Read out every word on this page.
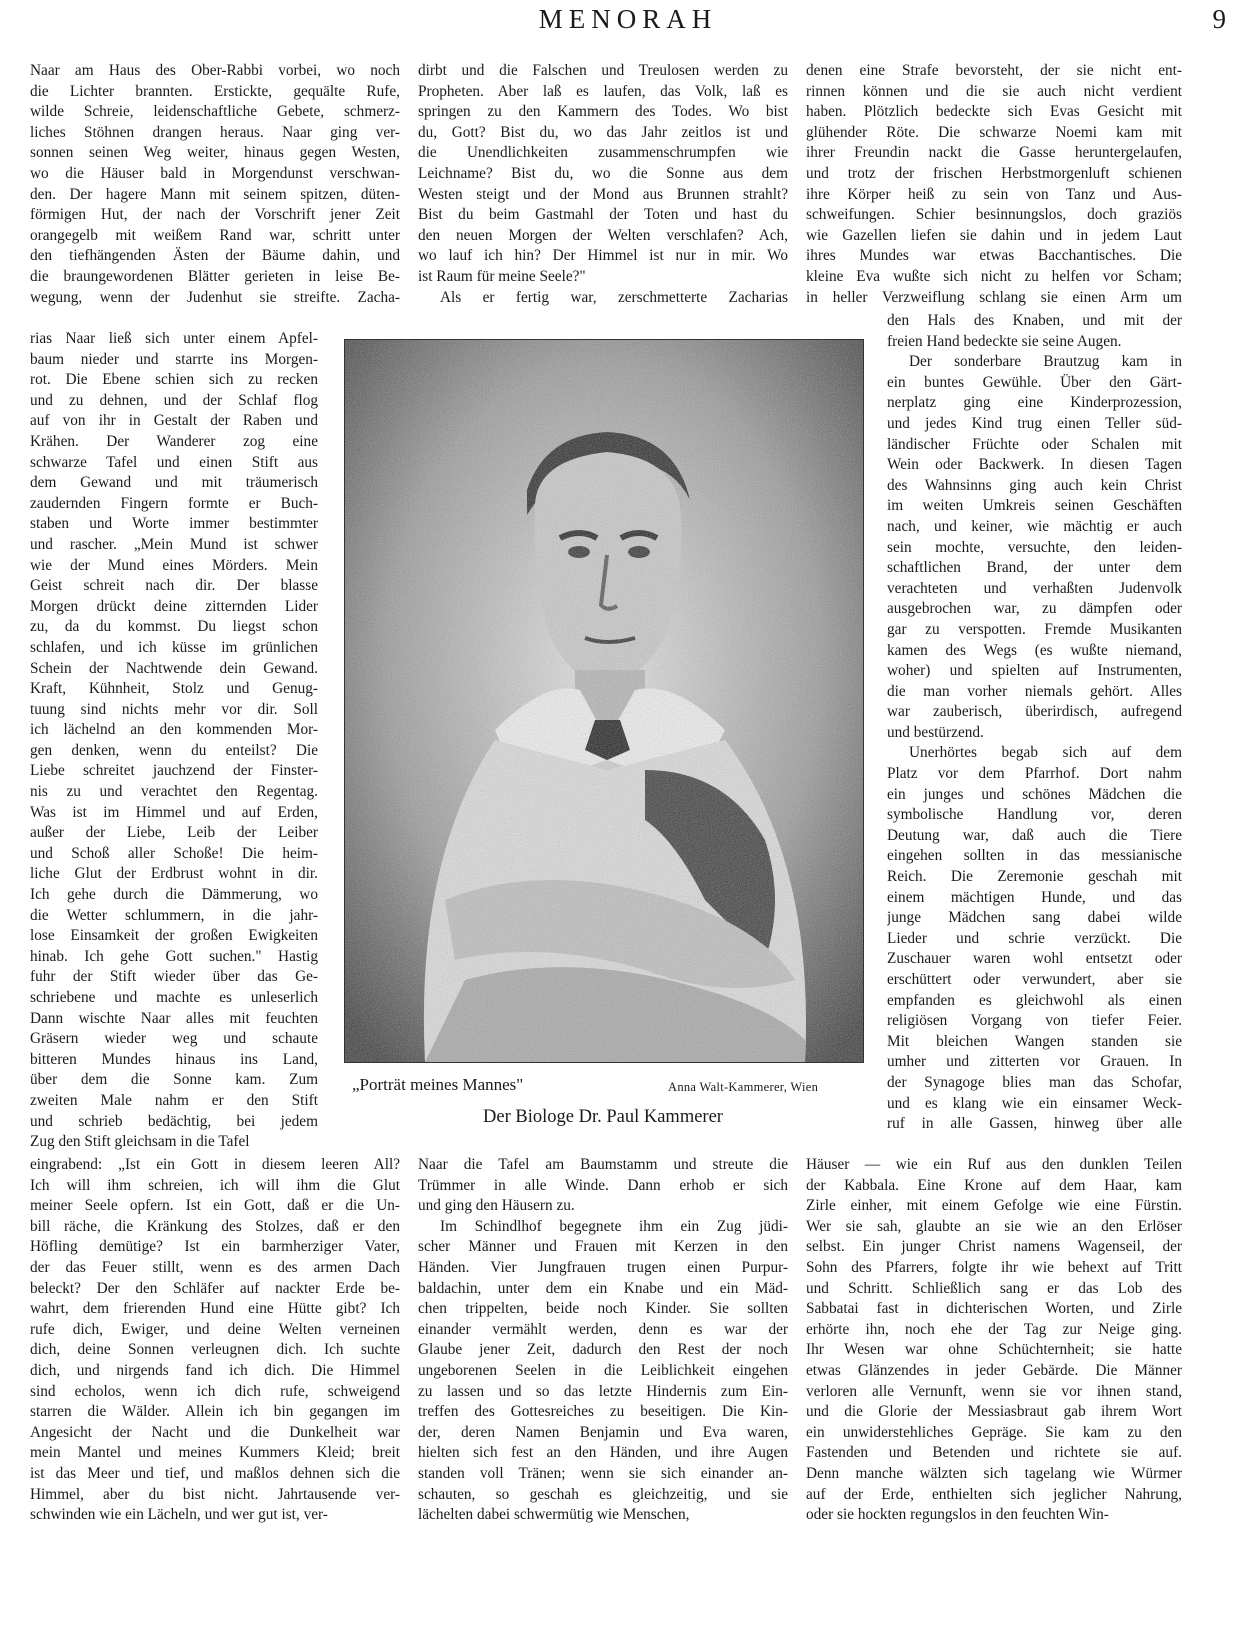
MENORAH	9
Naar am Haus des Ober-Rabbi vorbei, wo noch
die Lichter brannten. Erstickte, gequälte Rufe,
wilde Schreie, leidenschaftliche Gebete, schmerz-
liches Stöhnen drangen heraus. Naar ging ver-
sonnen seinen Weg weiter, hinaus gegen Westen,
wo die Häuser bald in Morgendunst verschwan-
den. Der hagere Mann mit seinem spitzen, düten-
förmigen Hut, der nach der Vorschrift jener Zeit
orangegelb mit weißem Rand war, schritt unter
den tiefhängenden Ästen der Bäume dahin, und
die braungewordenen Blätter gerieten in leise Be-
wegung, wenn der Judenhut sie streifte. Zacha-
rias Naar ließ sich unter einem Apfel-
baum nieder und starrte ins Morgen-
rot. Die Ebene schien sich zu recken
und zu dehnen, und der Schlaf flog
auf von ihr in Gestalt der Raben und
Krähen. Der Wanderer zog eine
schwarze Tafel und einen Stift aus
dem Gewand und mit träumerisch
zaudernden Fingern formte er Buch-
staben und Worte immer bestimmter
und rascher. „Mein Mund ist schwer
wie der Mund eines Mörders. Mein
Geist schreit nach dir. Der blasse
Morgen drückt deine zitternden Lider
zu, da du kommst. Du liegst schon
schlafen, und ich küsse im grünlichen
Schein der Nachtwende dein Gewand.
Kraft, Kühnheit, Stolz und Genug-
tuung sind nichts mehr vor dir. Soll
ich lächelnd an den kommenden Mor-
gen denken, wenn du enteilst? Die
Liebe schreitet jauchzend der Finster-
nis zu und verachtet den Regentag.
Was ist im Himmel und auf Erden,
außer der Liebe, Leib der Leiber
und Schoß aller Schoße! Die heim-
liche Glut der Erdbrust wohnt in dir.
Ich gehe durch die Dämmerung, wo
die Wetter schlummern, in die jahr-
lose Einsamkeit der großen Ewigkeiten
hinab. Ich gehe Gott suchen." Hastig
fuhr der Stift wieder über das Ge-
schriebene und machte es unleserlich
Dann wischte Naar alles mit feuchten
Gräsern wieder weg und schaute
bitteren Mundes hinaus ins Land,
über dem die Sonne kam. Zum
zweiten Male nahm er den Stift
und schrieb bedächtig, bei jedem
Zug den Stift gleichsam in die Tafel
eingrabend: „Ist ein Gott in diesem leeren All?
Ich will ihm schreien, ich will ihm die Glut
meiner Seele opfern. Ist ein Gott, daß er die Un-
bill räche, die Kränkung des Stolzes, daß er den
Höfling demütige? Ist ein barmherziger Vater,
der das Feuer stillt, wenn es des armen Dach
beleckt? Der den Schläfer auf nackter Erde be-
wahrt, dem frierenden Hund eine Hütte gibt? Ich
rufe dich, Ewiger, und deine Welten verneinen
dich, deine Sonnen verleugnen dich. Ich suchte
dich, und nirgends fand ich dich. Die Himmel
sind echolos, wenn ich dich rufe, schweigend
starren die Wälder. Allein ich bin gegangen im
Angesicht der Nacht und die Dunkelheit war
mein Mantel und meines Kummers Kleid; breit
ist das Meer und tief, und maßlos dehnen sich die
Himmel, aber du bist nicht. Jahrtausende ver-
schwinden wie ein Lächeln, und wer gut ist, ver-
dirbt und die Falschen und Treulosen werden zu
Propheten. Aber laß es laufen, das Volk, laß es
springen zu den Kammern des Todes. Wo bist
du, Gott? Bist du, wo das Jahr zeitlos ist und
die Unendlichkeiten zusammenschrumpfen wie
Leichname? Bist du, wo die Sonne aus dem
Westen steigt und der Mond aus Brunnen strahlt?
Bist du beim Gastmahl der Toten und hast du
den neuen Morgen der Welten verschlafen? Ach,
wo lauf ich hin? Der Himmel ist nur in mir. Wo
ist Raum für meine Seele?"
Als er fertig war, zerschmetterte Zacharias
Naar die Tafel am Baumstamm und streute die
Trümmer in alle Winde. Dann erhob er sich
und ging den Häusern zu.
Im Schindlhof begegnete ihm ein Zug jüdi-
scher Männer und Frauen mit Kerzen in den
Händen. Vier Jungfrauen trugen einen Purpur-
baldachin, unter dem ein Knabe und ein Mäd-
chen trippelten, beide noch Kinder. Sie sollten
einander vermählt werden, denn es war der
Glaube jener Zeit, dadurch den Rest der noch
ungeborenen Seelen in die Leiblichkeit eingehen
zu lassen und so das letzte Hindernis zum Ein-
treffen des Gottesreiches zu beseitigen. Die Kin-
der, deren Namen Benjamin und Eva waren,
hielten sich fest an den Händen, und ihre Augen
standen voll Tränen; wenn sie sich einander an-
schauten, so geschah es gleichzeitig, und sie
lächelten dabei schwermütig wie Menschen,
denen eine Strafe bevorsteht, der sie nicht ent-
rinnen können und die sie auch nicht verdient
haben. Plötzlich bedeckte sich Evas Gesicht mit
glühender Röte. Die schwarze Noemi kam mit
ihrer Freundin nackt die Gasse heruntergelaufen,
und trotz der frischen Herbstmorgenluft schienen
ihre Körper heiß zu sein von Tanz und Aus-
schweifungen. Schier besinnungslos, doch graziös
wie Gazellen liefen sie dahin und in jedem Laut
ihres Mundes war etwas Bacchantisches. Die
kleine Eva wußte sich nicht zu helfen vor Scham;
in heller Verzweiflung schlang sie einen Arm um
den Hals des Knaben, und mit der
freien Hand bedeckte sie seine Augen.
Der sonderbare Brautzug kam in
ein buntes Gewühle. Über den Gärt-
nerplatz ging eine Kinderprozession,
und jedes Kind trug einen Teller süd-
ländischer Früchte oder Schalen mit
Wein oder Backwerk. In diesen Tagen
des Wahnsinns ging auch kein Christ
im weiten Umkreis seinen Geschäften
nach, und keiner, wie mächtig er auch
sein mochte, versuchte, den leiden-
schaftlichen Brand, der unter dem
verachteten und verhaßten Judenvolk
ausgebrochen war, zu dämpfen oder
gar zu verspotten. Fremde Musikanten
kamen des Wegs (es wußte niemand,
woher) und spielten auf Instrumenten,
die man vorher niemals gehört. Alles
war zauberisch, überirdisch, aufregend
und bestürzend.
Unerhörtes begab sich auf dem
Platz vor dem Pfarrhof. Dort nahm
ein junges und schönes Mädchen die
symbolische Handlung vor, deren
Deutung war, daß auch die Tiere
eingehen sollten in das messianische
Reich. Die Zeremonie geschah mit
einem mächtigen Hunde, und das
junge Mädchen sang dabei wilde
Lieder und schrie verzückt. Die
Zuschauer waren wohl entsetzt oder
erschüttert oder verwundert, aber sie
empfanden es gleichwohl als einen
religiösen Vorgang von tiefer Feier.
Mit bleichen Wangen standen sie
umher und zitterten vor Grauen. In
der Synagoge blies man das Schofar,
und es klang wie ein einsamer Weck-
ruf in alle Gassen, hinweg über alle
Häuser — wie ein Ruf aus den dunklen Teilen
der Kabbala. Eine Krone auf dem Haar, kam
Zirle einher, mit einem Gefolge wie eine Fürstin.
Wer sie sah, glaubte an sie wie an den Erlöser
selbst. Ein junger Christ namens Wagenseil, der
Sohn des Pfarrers, folgte ihr wie behext auf Tritt
und Schritt. Schließlich sang er das Lob des
Sabbatai fast in dichterischen Worten, und Zirle
erhörte ihn, noch ehe der Tag zur Neige ging.
Ihr Wesen war ohne Schüchternheit; sie hatte
etwas Glänzendes in jeder Gebärde. Die Männer
verloren alle Vernunft, wenn sie vor ihnen stand,
und die Glorie der Messiasbraut gab ihrem Wort
ein unwiderstehliches Gepräge. Sie kam zu den
Fastenden und Betenden und richtete sie auf.
Denn manche wälzten sich tagelang wie Würmer
auf der Erde, enthielten sich jeglicher Nahrung,
oder sie hockten regungslos in den feuchten Win-
„Porträt meines Mannes"	Anna Walt-Kammerer, Wien
Der Biologe Dr. Paul Kammerer
